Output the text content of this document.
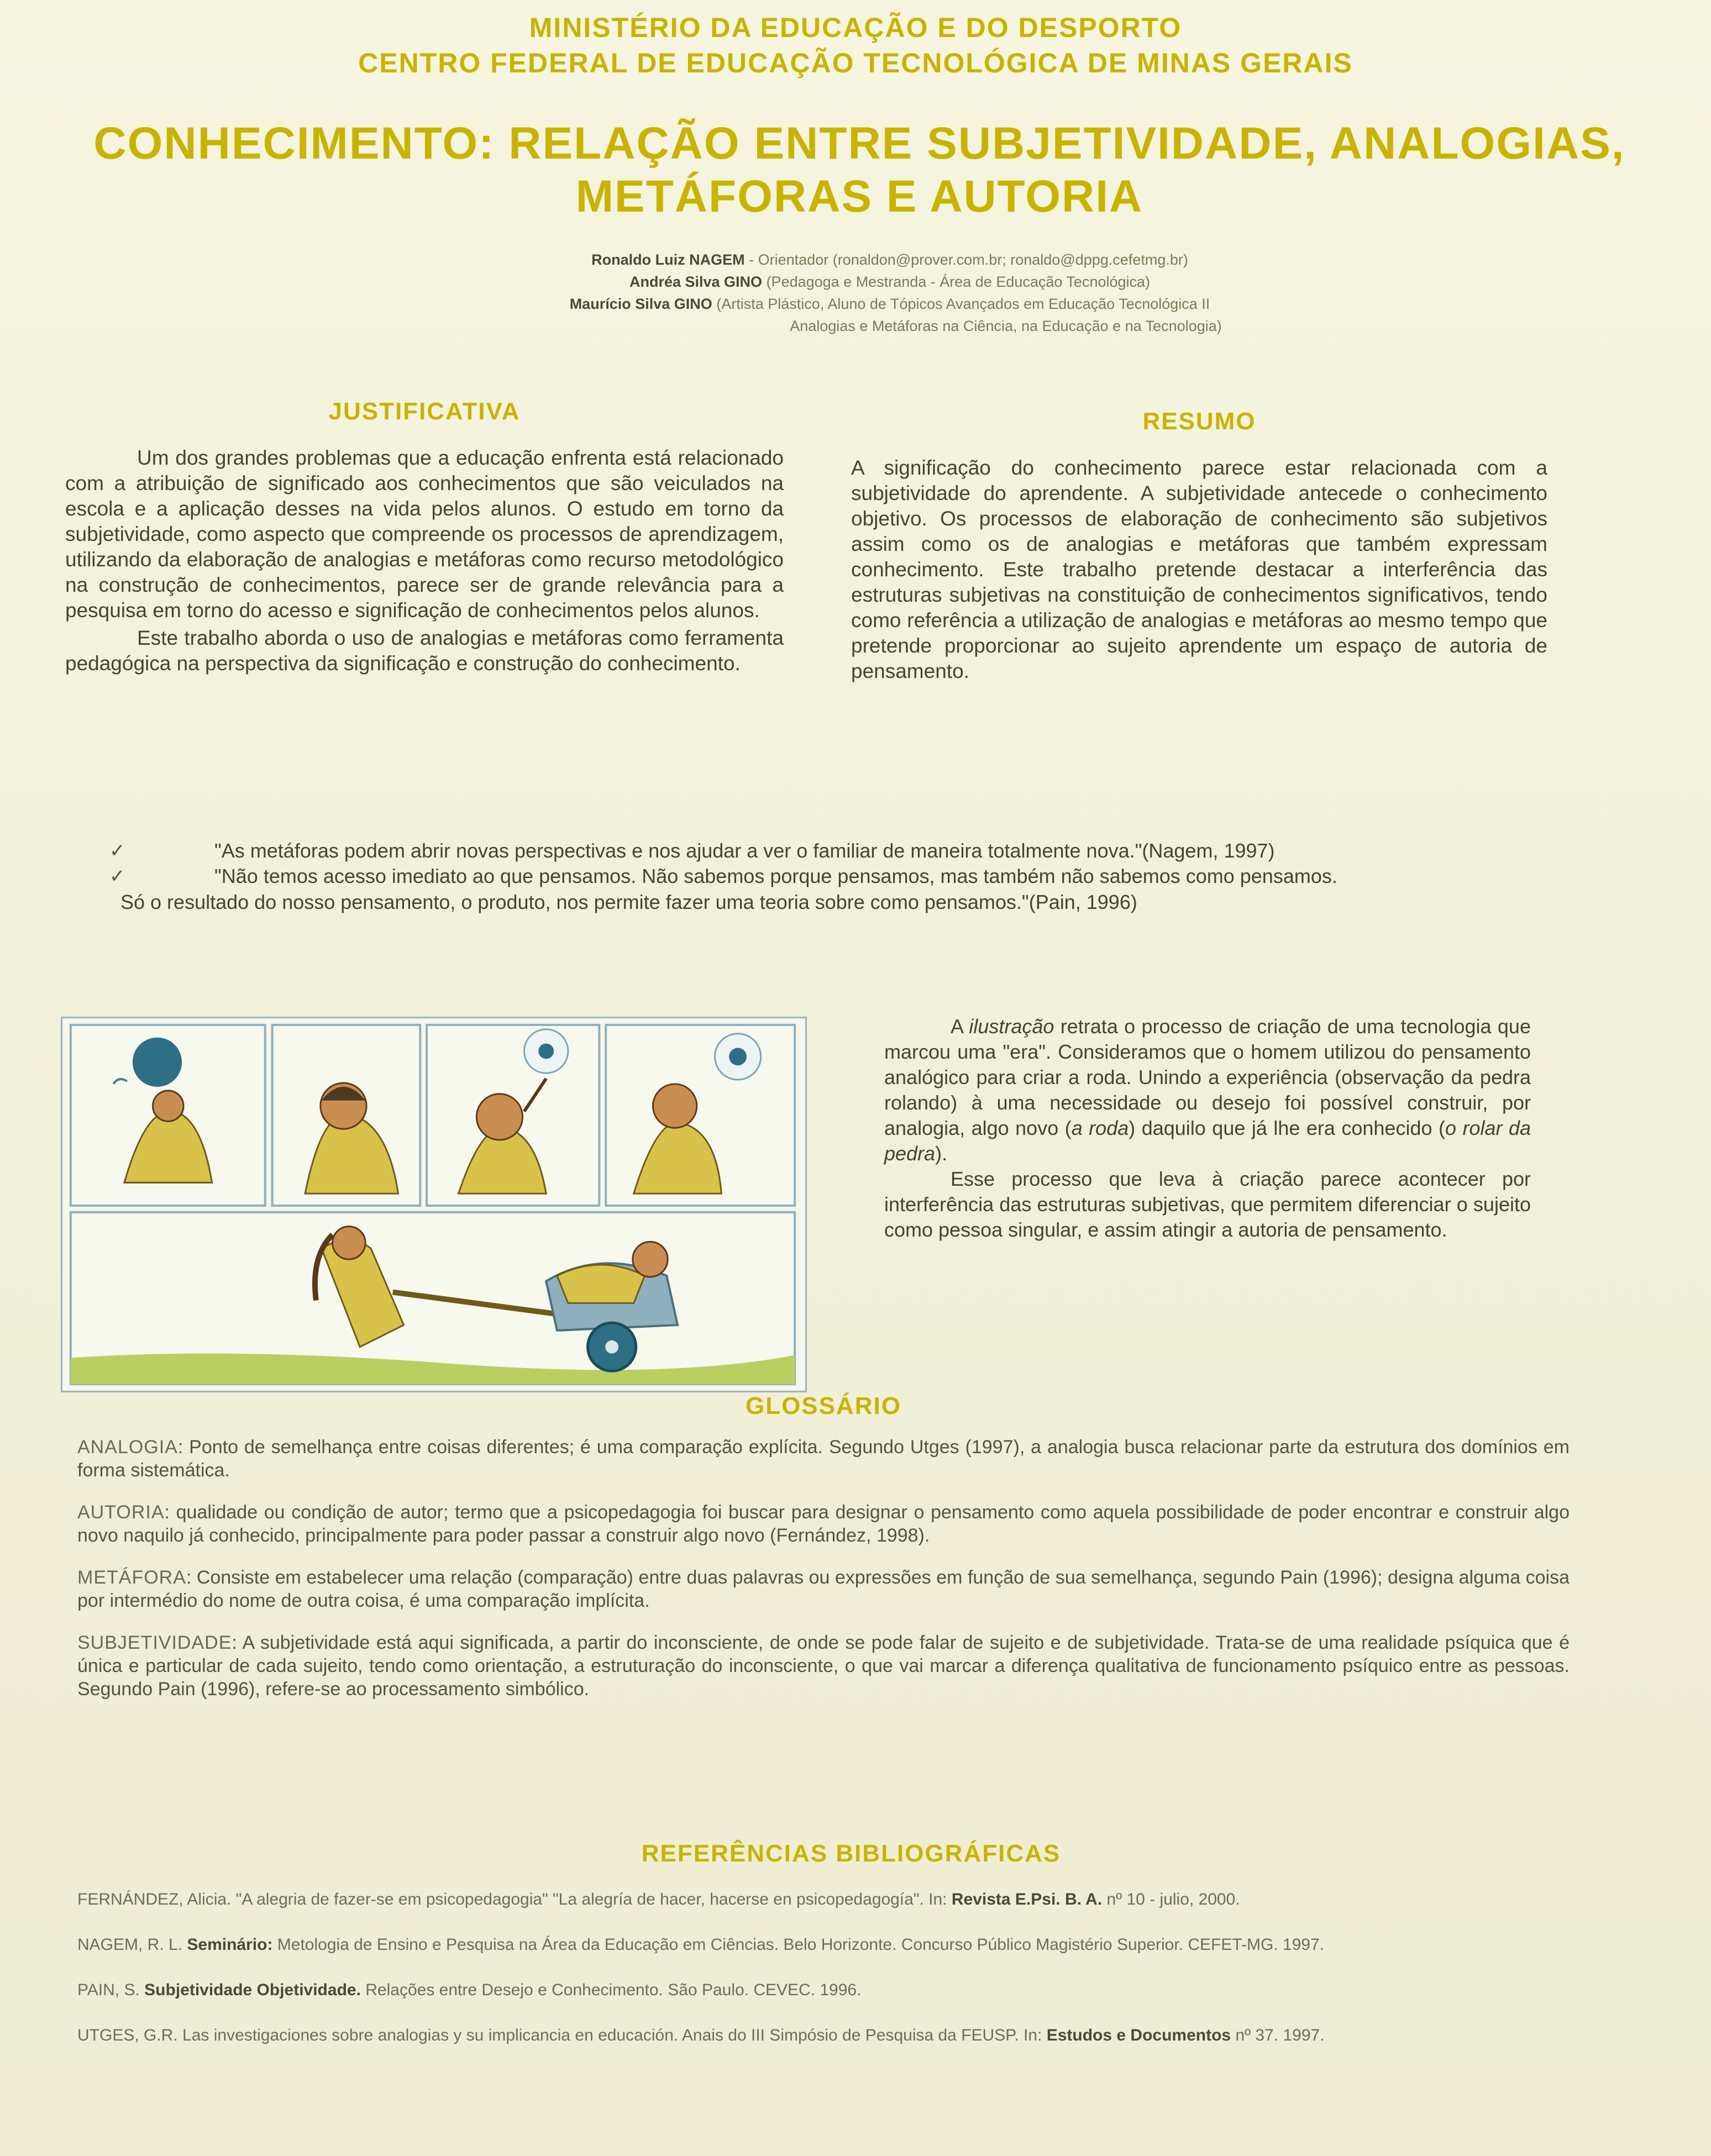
MINISTÉRIO DA EDUCAÇÃO E DO DESPORTO
CENTRO FEDERAL DE EDUCAÇÃO TECNOLÓGICA DE MINAS GERAIS
CONHECIMENTO: RELAÇÃO ENTRE SUBJETIVIDADE, ANALOGIAS,
METÁFORAS E AUTORIA
Ronaldo Luiz NAGEM - Orientador (ronaldon@prover.com.br; ronaldo@dppg.cefetmg.br)
Andréa Silva GINO (Pedagoga e Mestranda - Área de Educação Tecnológica)
Maurício Silva GINO (Artista Plástico, Aluno de Tópicos Avançados em Educação Tecnológica II
Analogias e Metáforas na Ciência, na Educação e na Tecnologia)
JUSTIFICATIVA

Um dos grandes problemas que a educação enfrenta está relacionado com a atribuição de significado aos conhecimentos que são veiculados na escola e a aplicação desses na vida pelos alunos. O estudo em torno da subjetividade, como aspecto que compreende os processos de aprendizagem, utilizando da elaboração de analogias e metáforas como recurso metodológico na construção de conhecimentos, parece ser de grande relevância para a pesquisa em torno do acesso e significação de conhecimentos pelos alunos.

Este trabalho aborda o uso de analogias e metáforas como ferramenta pedagógica na perspectiva da significação e construção do conhecimento.

RESUMO

A significação do conhecimento parece estar relacionada com a subjetividade do aprendente. A subjetividade antecede o conhecimento objetivo. Os processos de elaboração de conhecimento são subjetivos assim como os de analogias e metáforas que também expressam conhecimento. Este trabalho pretende destacar a interferência das estruturas subjetivas na constituição de conhecimentos significativos, tendo como referência a utilização de analogias e metáforas ao mesmo tempo que pretende proporcionar ao sujeito aprendente um espaço de autoria de pensamento.

✓	"As metáforas podem abrir novas perspectivas e nos ajudar a ver o familiar de maneira totalmente nova."(Nagem, 1997)
✓	"Não temos acesso imediato ao que pensamos. Não sabemos porque pensamos, mas também não sabemos como pensamos.
Só o resultado do nosso pensamento, o produto, nos permite fazer uma teoria sobre como pensamos."(Pain, 1996)

A ilustração retrata o processo de criação de uma tecnologia que marcou uma "era". Consideramos que o homem utilizou do pensamento analógico para criar a roda. Unindo a experiência (observação da pedra rolando) à uma necessidade ou desejo foi possível construir, por analogia, algo novo (a roda) daquilo que já lhe era conhecido (o rolar da pedra).

Esse processo que leva à criação parece acontecer por interferência das estruturas subjetivas, que permitem diferenciar o sujeito como pessoa singular, e assim atingir a autoria de pensamento.

GLOSSÁRIO
ANALOGIA: Ponto de semelhança entre coisas diferentes; é uma comparação explícita. Segundo Utges (1997), a analogia busca relacionar parte da estrutura dos domínios em forma sistemática.
AUTORIA: qualidade ou condição de autor; termo que a psicopedagogia foi buscar para designar o pensamento como aquela possibilidade de poder encontrar e construir algo novo naquilo já conhecido, principalmente para poder passar a construir algo novo (Fernández, 1998).
METÁFORA: Consiste em estabelecer uma relação (comparação) entre duas palavras ou expressões em função de sua semelhança, segundo Pain (1996); designa alguma coisa por intermédio do nome de outra coisa, é uma comparação implícita.
SUBJETIVIDADE: A subjetividade está aqui significada, a partir do inconsciente, de onde se pode falar de sujeito e de subjetividade. Trata-se de uma realidade psíquica que é única e particular de cada sujeito, tendo como orientação, a estruturação do inconsciente, o que vai marcar a diferença qualitativa de funcionamento psíquico entre as pessoas. Segundo Pain (1996), refere-se ao processamento simbólico.
REFERÊNCIAS BIBLIOGRÁFICAS
FERNÁNDEZ, Alicia. "A alegria de fazer-se em psicopedagogia" "La alegría de hacer, hacerse en psicopedagogía". In: Revista E.Psi. B. A. nº 10 - julio, 2000.
NAGEM, R. L. Seminário: Metologia de Ensino e Pesquisa na Área da Educação em Ciências. Belo Horizonte. Concurso Público Magistério Superior. CEFET-MG. 1997.
PAIN, S. Subjetividade Objetividade. Relações entre Desejo e Conhecimento. São Paulo. CEVEC. 1996.
UTGES, G.R. Las investigaciones sobre analogias y su implicancia en educación. Anais do III Simpósio de Pesquisa da FEUSP. In: Estudos e Documentos nº 37. 1997.
